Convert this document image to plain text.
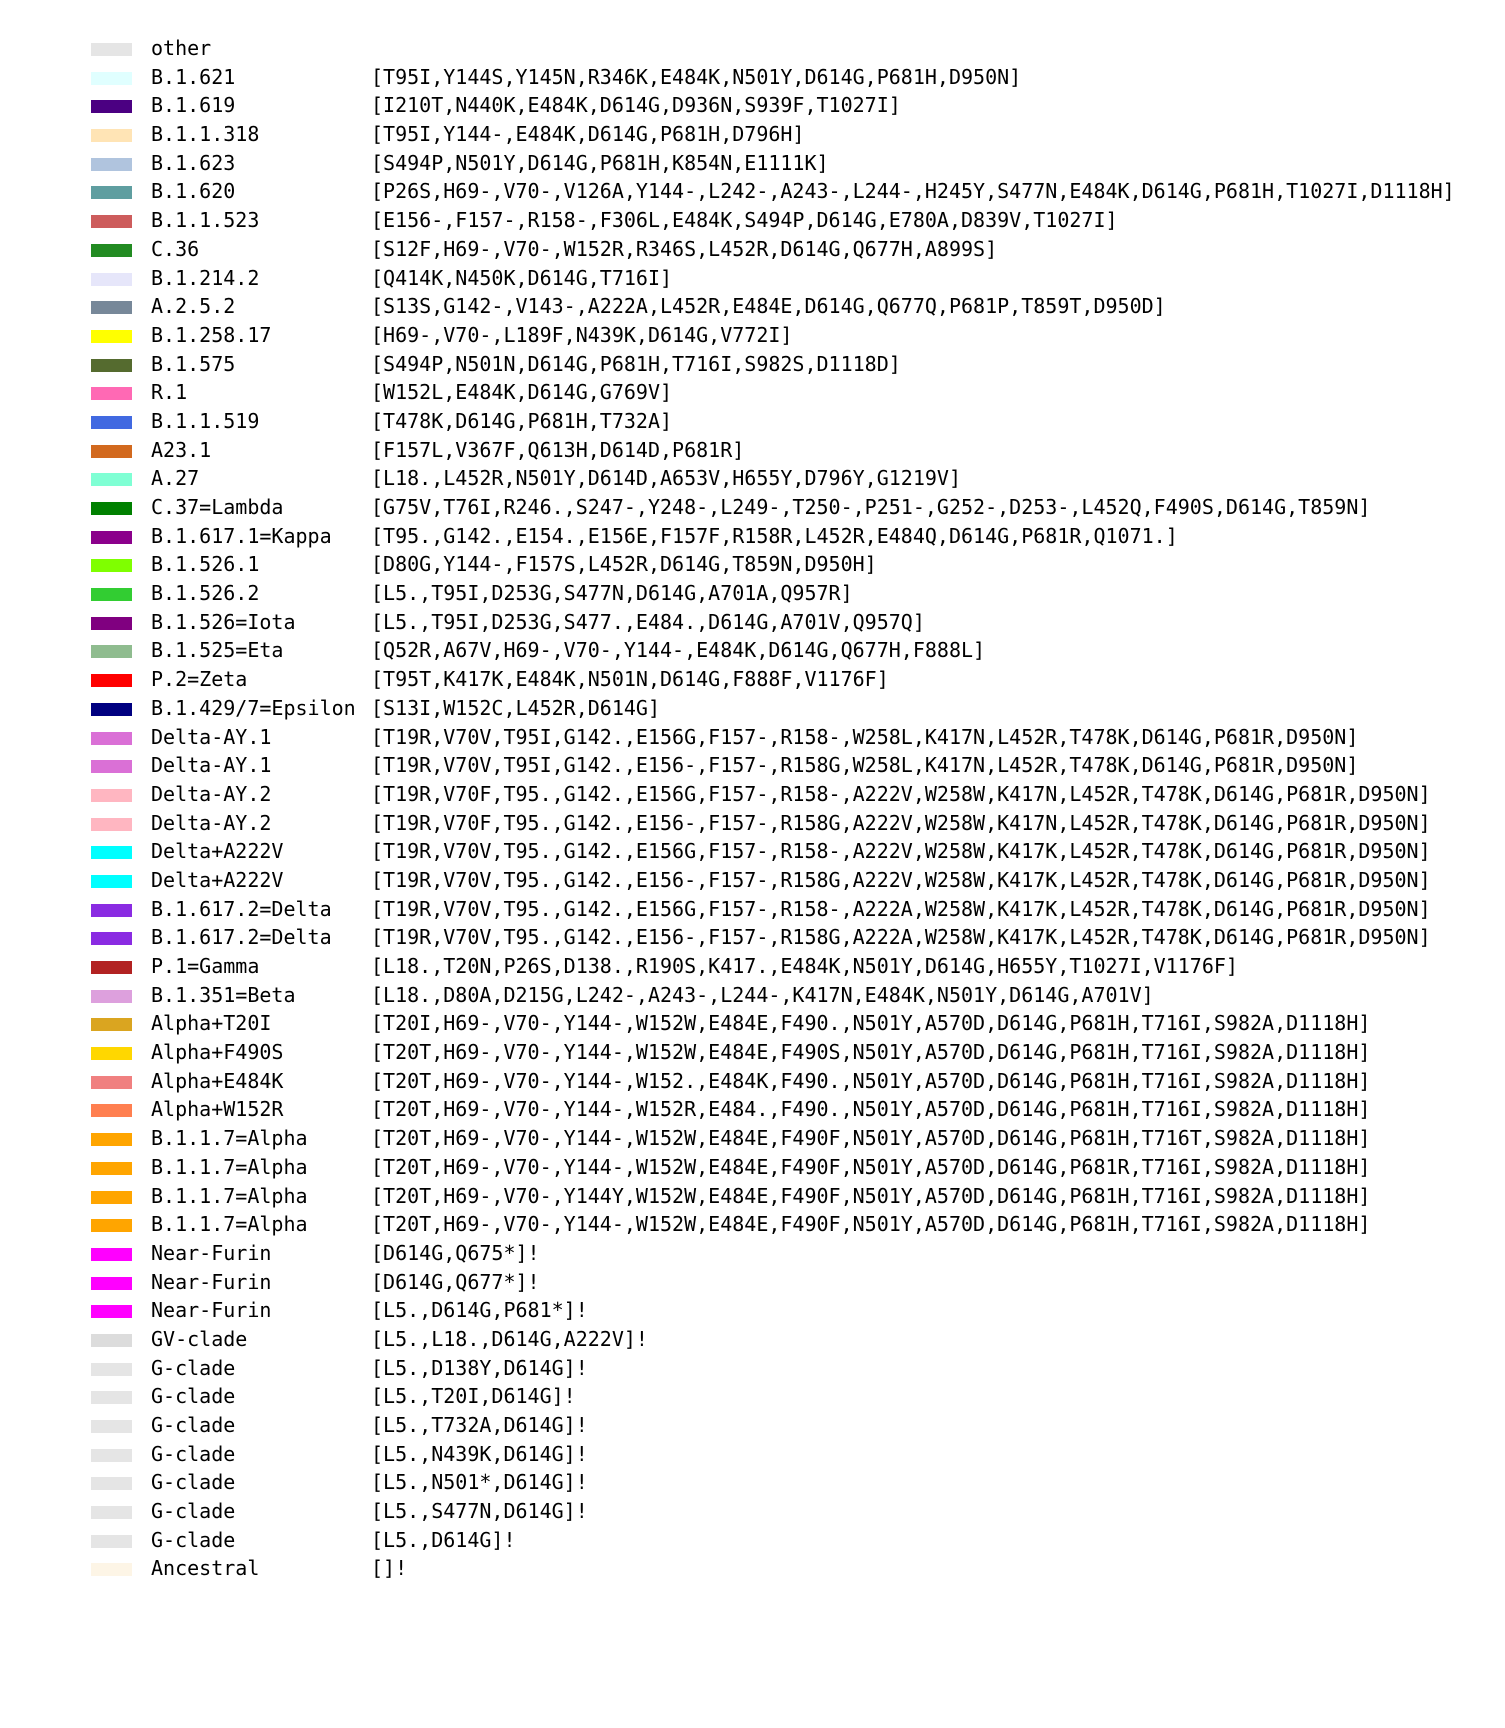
other
B.1.621	[T95I,Y144S,Y145N,R346K,E484K,N501Y,D614G,P681H,D950N]
B.1.619	[I210T,N440K,E484K,D614G,D936N,S939F,T1027I]
B.1.1.318	[T95I,Y144-,E484K,D614G,P681H,D796H]
B.1.623	[S494P,N501Y,D614G,P681H,K854N,E1111K]
B.1.620	[P26S,H69-,V70-,V126A,Y144-,L242-,A243-,L244-,H245Y,S477N,E484K,D614G,P681H,T1027I,D1118H]
B.1.1.523	[E156-,F157-,R158-,F306L,E484K,S494P,D614G,E780A,D839V,T1027I]
C.36	[S12F,H69-,V70-,W152R,R346S,L452R,D614G,Q677H,A899S]
B.1.214.2	[Q414K,N450K,D614G,T716I]
A.2.5.2	[S13S,G142-,V143-,A222A,L452R,E484E,D614G,Q677Q,P681P,T859T,D950D]
B.1.258.17	[H69-,V70-,L189F,N439K,D614G,V772I]
B.1.575	[S494P,N501N,D614G,P681H,T716I,S982S,D1118D]
R.1	[W152L,E484K,D614G,G769V]
B.1.1.519	[T478K,D614G,P681H,T732A]
A23.1	[F157L,V367F,Q613H,D614D,P681R]
A.27	[L18.,L452R,N501Y,D614D,A653V,H655Y,D796Y,G1219V]
C.37=Lambda	[G75V,T76I,R246.,S247-,Y248-,L249-,T250-,P251-,G252-,D253-,L452Q,F490S,D614G,T859N]
B.1.617.1=Kappa [T95.,G142.,E154.,E156E,F157F,R158R,L452R,E484Q,D614G,P681R,Q1071.]
B.1.526.1	[D80G,Y144-,F157S,L452R,D614G,T859N,D950H]
B.1.526.2	[L5.,T95I,D253G,S477N,D614G,A701A,Q957R]
B.1.526=Iota	[L5.,T95I,D253G,S477.,E484.,D614G,A701V,Q957Q]
B.1.525=Eta	[Q52R,A67V,H69-,V70-,Y144-,E484K,D614G,Q677H,F888L]
P.2=Zeta	[T95T,K417K,E484K,N501N,D614G,F888F,V1176F]
B.1.429/7=Epsilon [S13I,W152C,L452R,D614G]
Delta-AY.1	[T19R,V70V,T95I,G142.,E156G,F157-,R158-,W258L,K417N,L452R,T478K,D614G,P681R,D950N]
Delta-AY.1	[T19R,V70V,T95I,G142.,E156-,F157-,R158G,W258L,K417N,L452R,T478K,D614G,P681R,D950N]
Delta-AY.2	[T19R,V70F,T95.,G142.,E156G,F157-,R158-,A222V,W258W,K417N,L452R,T478K,D614G,P681R,D950N]
Delta-AY.2	[T19R,V70F,T95.,G142.,E156-,F157-,R158G,A222V,W258W,K417N,L452R,T478K,D614G,P681R,D950N]
Delta+A222V	[T19R,V70V,T95.,G142.,E156G,F157-,R158-,A222V,W258W,K417K,L452R,T478K,D614G,P681R,D950N]
Delta+A222V	[T19R,V70V,T95.,G142.,E156-,F157-,R158G,A222V,W258W,K417K,L452R,T478K,D614G,P681R,D950N]
B.1.617.2=Delta [T19R,V70V,T95.,G142.,E156G,F157-,R158-,A222A,W258W,K417K,L452R,T478K,D614G,P681R,D950N]
B.1.617.2=Delta [T19R,V70V,T95.,G142.,E156-,F157-,R158G,A222A,W258W,K417K,L452R,T478K,D614G,P681R,D950N]
P.1=Gamma	[L18.,T20N,P26S,D138.,R190S,K417.,E484K,N501Y,D614G,H655Y,T1027I,V1176F]
B.1.351=Beta	[L18.,D80A,D215G,L242-,A243-,L244-,K417N,E484K,N501Y,D614G,A701V]
Alpha+T20I	[T20I,H69-,V70-,Y144-,W152W,E484E,F490.,N501Y,A570D,D614G,P681H,T716I,S982A,D1118H]
Alpha+F490S	[T20T,H69-,V70-,Y144-,W152W,E484E,F490S,N501Y,A570D,D614G,P681H,T716I,S982A,D1118H]
Alpha+E484K	[T20T,H69-,V70-,Y144-,W152.,E484K,F490.,N501Y,A570D,D614G,P681H,T716I,S982A,D1118H]
Alpha+W152R	[T20T,H69-,V70-,Y144-,W152R,E484.,F490.,N501Y,A570D,D614G,P681H,T716I,S982A,D1118H]
B.1.1.7=Alpha	[T20T,H69-,V70-,Y144-,W152W,E484E,F490F,N501Y,A570D,D614G,P681H,T716T,S982A,D1118H]
B.1.1.7=Alpha	[T20T,H69-,V70-,Y144-,W152W,E484E,F490F,N501Y,A570D,D614G,P681R,T716I,S982A,D1118H]
B.1.1.7=Alpha	[T20T,H69-,V70-,Y144Y,W152W,E484E,F490F,N501Y,A570D,D614G,P681H,T716I,S982A,D1118H]
B.1.1.7=Alpha	[T20T,H69-,V70-,Y144-,W152W,E484E,F490F,N501Y,A570D,D614G,P681H,T716I,S982A,D1118H]
Near-Furin	[D614G,Q675*]!
Near-Furin	[D614G,Q677*]!
Near-Furin	[L5.,D614G,P681*]!
GV-clade	[L5.,L18.,D614G,A222V]!
G-clade	[L5.,D138Y,D614G]!
G-clade	[L5.,T20I,D614G]!
G-clade	[L5.,T732A,D614G]!
G-clade	[L5.,N439K,D614G]!
G-clade	[L5.,N501*,D614G]!
G-clade	[L5.,S477N,D614G]!
G-clade	[L5.,D614G]!
Ancestral	[]!
